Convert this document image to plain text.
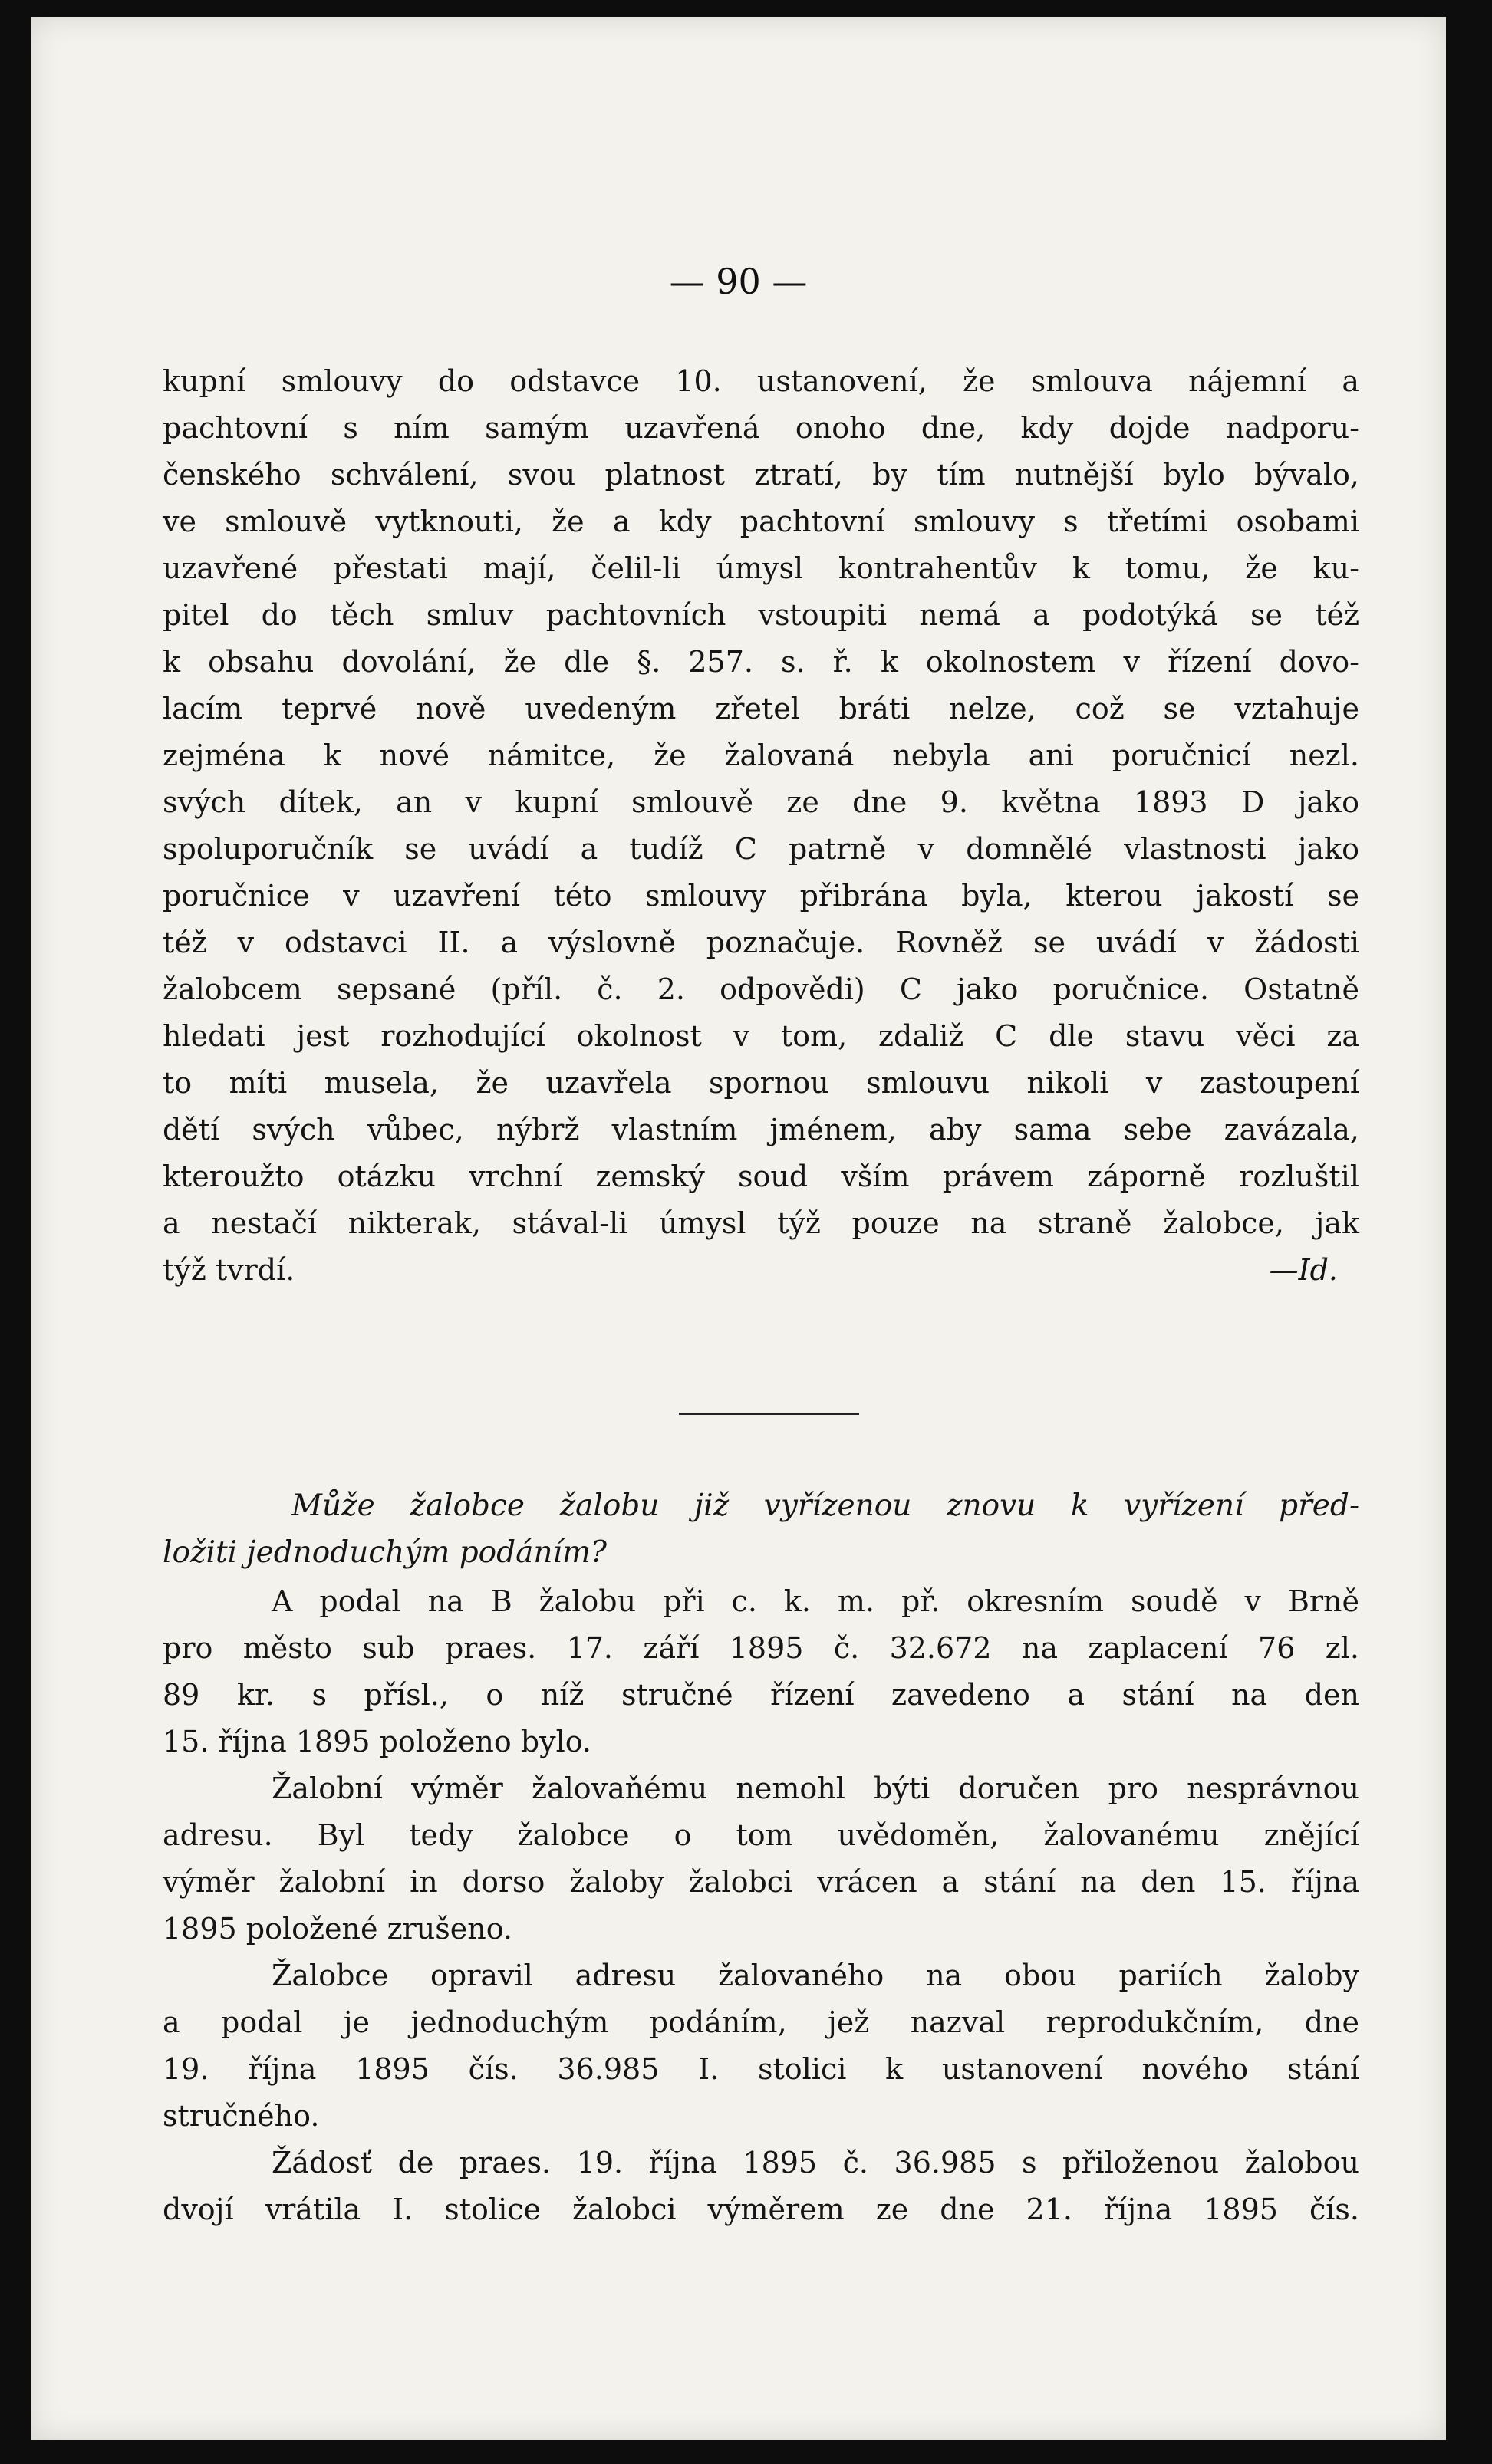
— 90 —
kupní smlouvy do odstavce 10. ustanovení, že smlouva nájemní a
pachtovní s ním samým uzavřená onoho dne, kdy dojde nadporu-
čenského schválení, svou platnost ztratí, by tím nutnější bylo bývalo,
ve smlouvě vytknouti, že a kdy pachtovní smlouvy s třetími osobami
uzavřené přestati mají, čelil-li úmysl kontrahentův k tomu, že ku-
pitel do těch smluv pachtovních vstoupiti nemá a podotýká se též
k obsahu dovolání, že dle §. 257. s. ř. k okolnostem v řízení dovo-
lacím teprvé nově uvedeným zřetel bráti nelze, což se vztahuje
zejména k nové námitce, že žalovaná nebyla ani poručnicí nezl.
svých dítek, an v kupní smlouvě ze dne 9. května 1893 D jako
spoluporučník se uvádí a tudíž C patrně v domnělé vlastnosti jako
poručnice v uzavření této smlouvy přibrána byla, kterou jakostí se
též v odstavci II. a výslovně poznačuje. Rovněž se uvádí v žádosti
žalobcem sepsané (příl. č. 2. odpovědi) C jako poručnice. Ostatně
hledati jest rozhodující okolnost v tom, zdaliž C dle stavu věci za
to míti musela, že uzavřela spornou smlouvu nikoli v zastoupení
dětí svých vůbec, nýbrž vlastním jménem, aby sama sebe zavázala,
kteroužto otázku vrchní zemský soud vším právem záporně rozluštil
a nestačí nikterak, stával-li úmysl týž pouze na straně žalobce, jak
týž tvrdí.	—Id.
Může žalobce žalobu již vyřízenou znovu k vyřízení před-
ložiti jednoduchým podáním?
A podal na B žalobu při c. k. m. př. okresním soudě v Brně
pro město sub praes. 17. září 1895 č. 32.672 na zaplacení 76 zl.
89 kr. s přísl., o níž stručné řízení zavedeno a stání na den
15. října 1895 položeno bylo.
Žalobní výměr žalovaňému nemohl býti doručen pro nesprávnou
adresu. Byl tedy žalobce o tom uvědoměn, žalovanému znějící
výměr žalobní in dorso žaloby žalobci vrácen a stání na den 15. října
1895 položené zrušeno.
Žalobce opravil adresu žalovaného na obou pariích žaloby
a podal je jednoduchým podáním, jež nazval reprodukčním, dne
19. října 1895 čís. 36.985 I. stolici k ustanovení nového stání
stručného.
Žádosť de praes. 19. října 1895 č. 36.985 s přiloženou žalobou
dvojí vrátila I. stolice žalobci výměrem ze dne 21. října 1895 čís.
